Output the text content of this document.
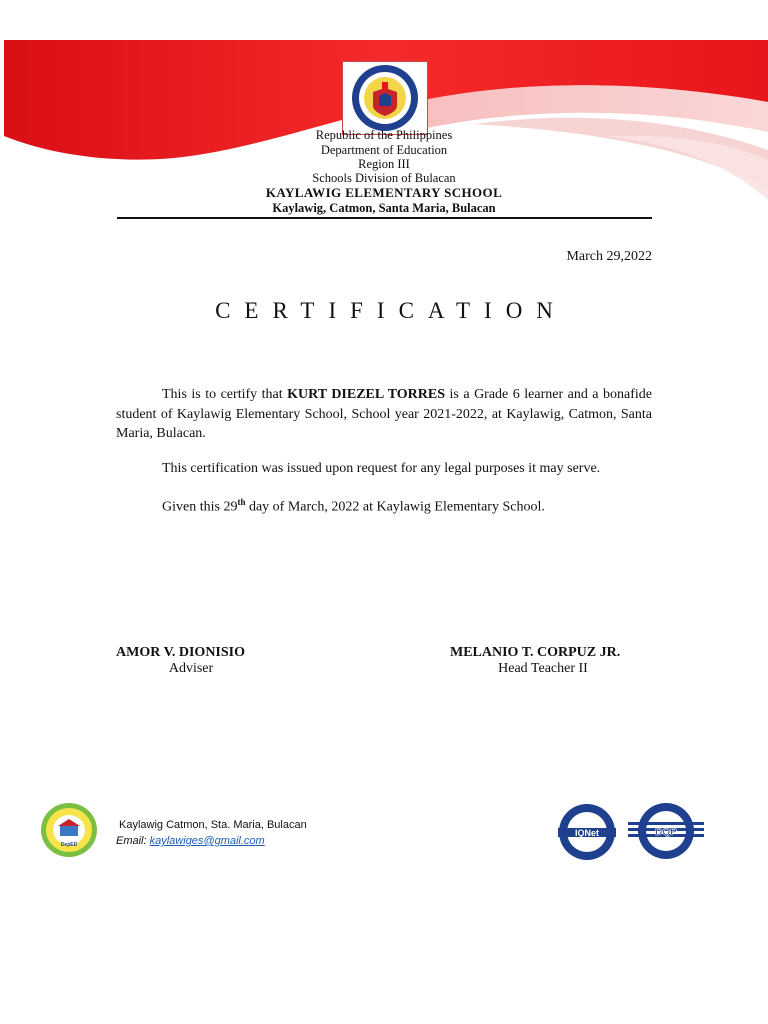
Republic of the Philippines
Department of Education
Region III
Schools Division of Bulacan
KAYLAWIG ELEMENTARY SCHOOL
Kaylawig, Catmon, Santa Maria, Bulacan
March 29,2022
CERTIFICATION
This is to certify that KURT DIEZEL TORRES is a Grade 6 learner and a bonafide student of Kaylawig Elementary School, School year 2021-2022, at Kaylawig, Catmon, Santa Maria, Bulacan.
This certification was issued upon request for any legal purposes it may serve.
Given this 29th day of March, 2022 at Kaylawig Elementary School.
AMOR V. DIONISIO
Adviser
MELANIO T. CORPUZ JR.
Head Teacher II
DepED
Kaylawig Catmon, Sta. Maria, Bulacan
Email: kaylawiges@gmail.com
IQNet	DQP
